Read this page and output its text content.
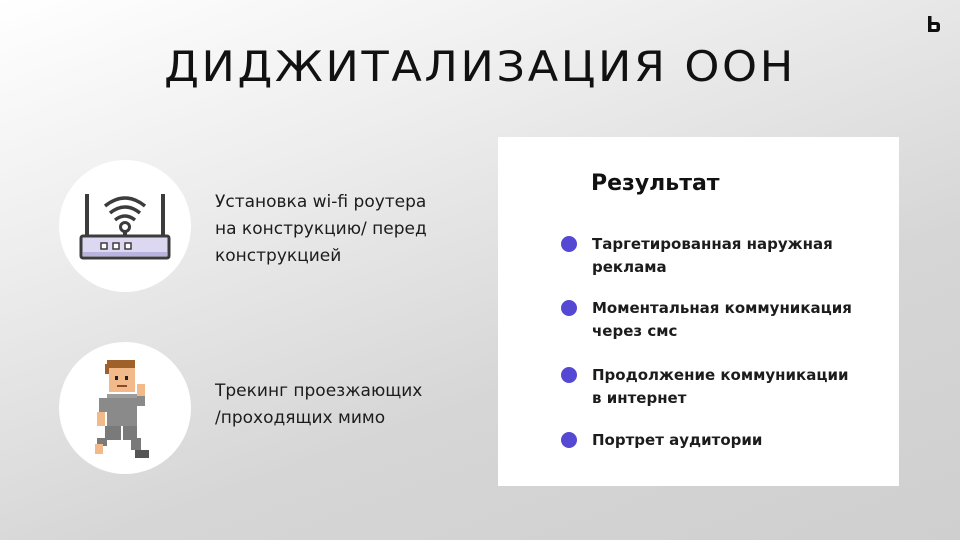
ДИДЖИТАЛИЗАЦИЯ ООН
Установка wi-fi роутера
на конструкцию/ перед
конструкцией
Трекинг проезжающих
/проходящих мимо
Результат
Таргетированная наружная
реклама
Моментальная коммуникация
через смс
Продолжение коммуникации
в интернет
Портрет аудитории
